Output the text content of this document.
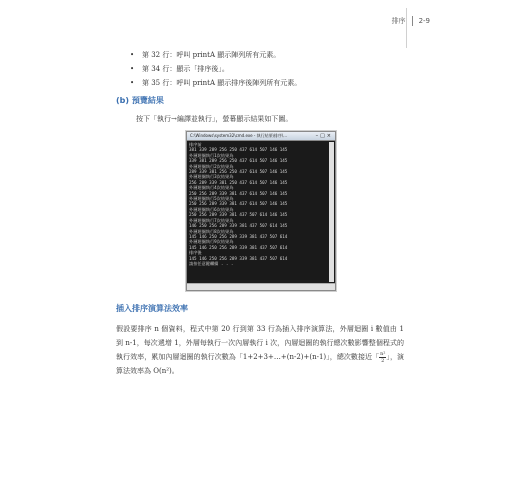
排序 2-9
• 第 32 行：呼叫 printA 顯示陣列所有元素。
• 第 34 行：顯示「排序後」。
• 第 35 行：呼叫 printA 顯示排序後陣列所有元素。
(b) 預覽結果
按下「執行→編譯並執行」，螢幕顯示結果如下圖。
C:\Windows\system32\cmd.exe - 執行結果\排序\...	–□×
排序前
381 339 289 256 250 437 614 507 146 145
外層迴圈執行1次結果為
339 381 289 256 250 437 614 507 146 145
外層迴圈執行2次結果為
289 339 381 256 250 437 614 507 146 145
外層迴圈執行3次結果為
256 289 339 381 250 437 614 507 146 145
外層迴圈執行4次結果為
250 256 289 339 381 437 614 507 146 145
外層迴圈執行5次結果為
250 256 289 339 381 437 614 507 146 145
外層迴圈執行6次結果為
250 256 289 339 381 437 507 614 146 145
外層迴圈執行7次結果為
146 250 256 289 339 381 437 507 614 145
外層迴圈執行8次結果為
145 146 250 256 289 339 381 437 507 614
外層迴圈執行9次結果為
145 146 250 256 289 339 381 437 507 614
排序後
145 146 250 256 289 339 381 437 507 614
請按任意鍵繼續 . . .
插入排序演算法效率

假設要排序 n 個資料，程式中第 20 行到第 33 行為插入排序演算法，外層迴圈 i 數值由 1 到 n-1，每次遞增 1，外層每執行一次內層執行 i 次，內層迴圈的執行總次數影響整個程式的執行效率，累加內層迴圈的執行次數為「1+2+3+…+(n-2)+(n-1)」，總次數接近「 $\frac{\text{n²}}{2}$」，演算法效率為 O(n²)。
